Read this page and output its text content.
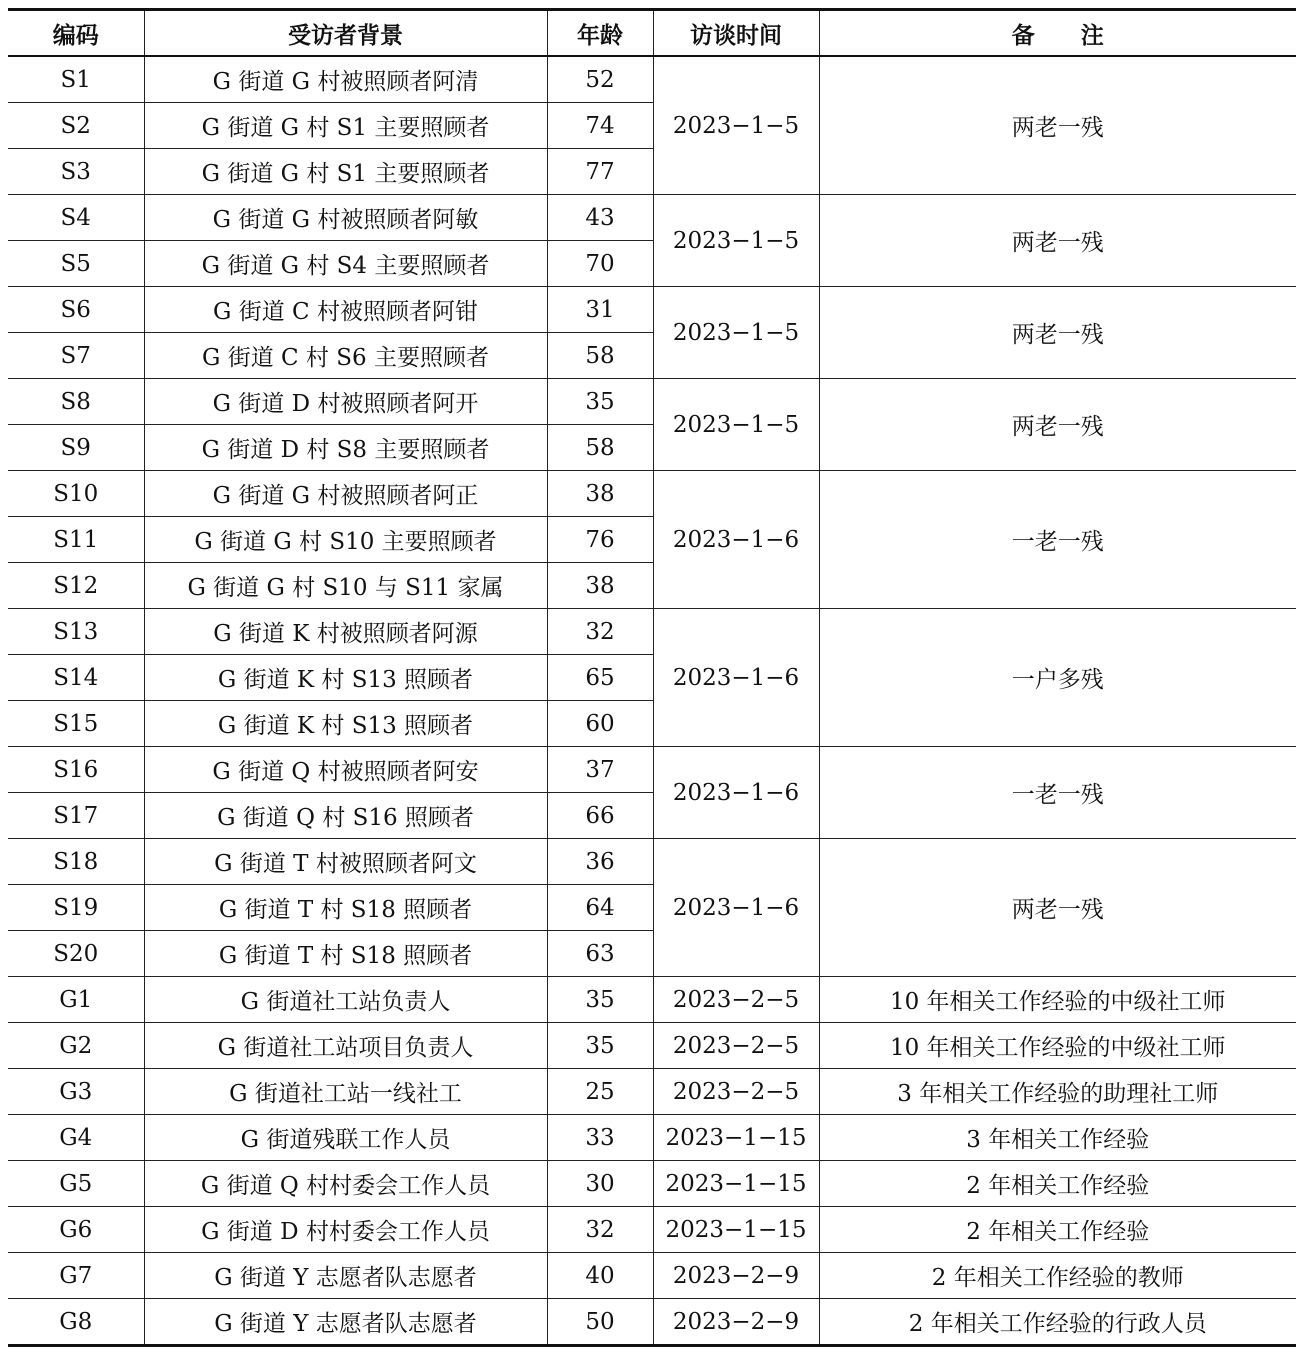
编码	受访者背景	年龄	访谈时间	备　　注
S1	G 街道 G 村被照顾者阿清	52	2023−1−5	两老一残
S2	G 街道 G 村 S1 主要照顾者	74		
S3	G 街道 G 村 S1 主要照顾者	77		
S4	G 街道 G 村被照顾者阿敏	43	2023−1−5	两老一残
S5	G 街道 G 村 S4 主要照顾者	70		
S6	G 街道 C 村被照顾者阿钳	31	2023−1−5	两老一残
S7	G 街道 C 村 S6 主要照顾者	58		
S8	G 街道 D 村被照顾者阿开	35	2023−1−5	两老一残
S9	G 街道 D 村 S8 主要照顾者	58		
S10	G 街道 G 村被照顾者阿正	38	2023−1−6	一老一残
S11	G 街道 G 村 S10 主要照顾者	76		
S12	G 街道 G 村 S10 与 S11 家属	38		
S13	G 街道 K 村被照顾者阿源	32	2023−1−6	一户多残
S14	G 街道 K 村 S13 照顾者	65		
S15	G 街道 K 村 S13 照顾者	60		
S16	G 街道 Q 村被照顾者阿安	37	2023−1−6	一老一残
S17	G 街道 Q 村 S16 照顾者	66		
S18	G 街道 T 村被照顾者阿文	36	2023−1−6	两老一残
S19	G 街道 T 村 S18 照顾者	64		
S20	G 街道 T 村 S18 照顾者	63		
G1	G 街道社工站负责人	35	2023−2−5	10 年相关工作经验的中级社工师
G2	G 街道社工站项目负责人	35	2023−2−5	10 年相关工作经验的中级社工师
G3	G 街道社工站一线社工	25	2023−2−5	3 年相关工作经验的助理社工师
G4	G 街道残联工作人员	33	2023−1−15	3 年相关工作经验
G5	G 街道 Q 村村委会工作人员	30	2023−1−15	2 年相关工作经验
G6	G 街道 D 村村委会工作人员	32	2023−1−15	2 年相关工作经验
G7	G 街道 Y 志愿者队志愿者	40	2023−2−9	2 年相关工作经验的教师
G8	G 街道 Y 志愿者队志愿者	50	2023−2−9	2 年相关工作经验的行政人员
